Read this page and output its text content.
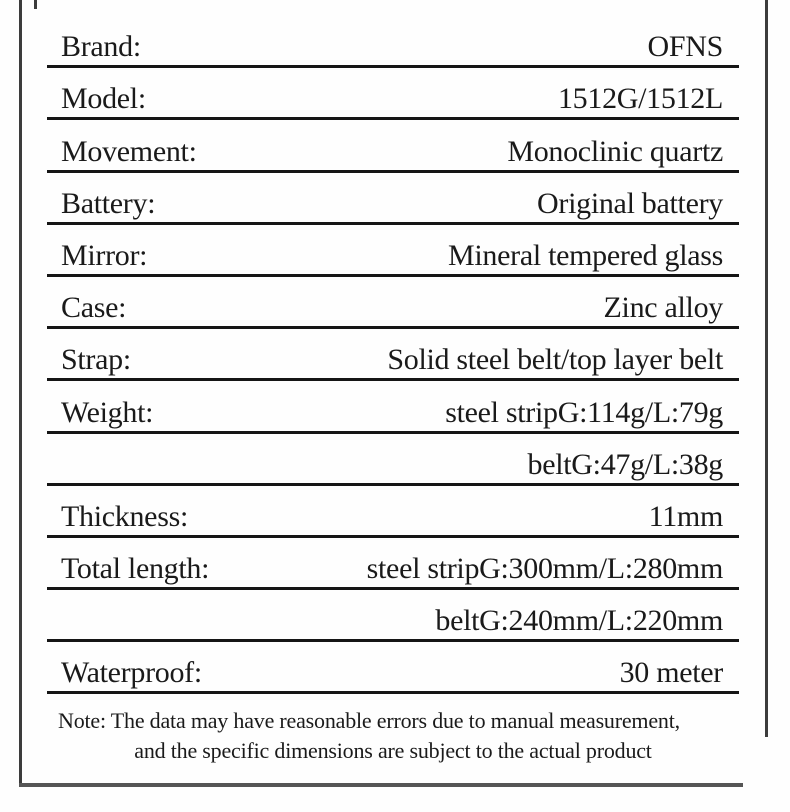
Brand:	OFNS
Model:	1512G/1512L
Movement:	Monoclinic quartz
Battery:	Original battery
Mirror:	Mineral tempered glass
Case:	Zinc alloy
Strap:	Solid steel belt/top layer belt
Weight:	steel stripG:114g/L:79g
beltG:47g/L:38g
Thickness:	11mm
Total length:	steel stripG:300mm/L:280mm
beltG:240mm/L:220mm
Waterproof:	30 meter
Note: The data may have reasonable errors due to manual measurement,
and the specific dimensions are subject to the actual product
